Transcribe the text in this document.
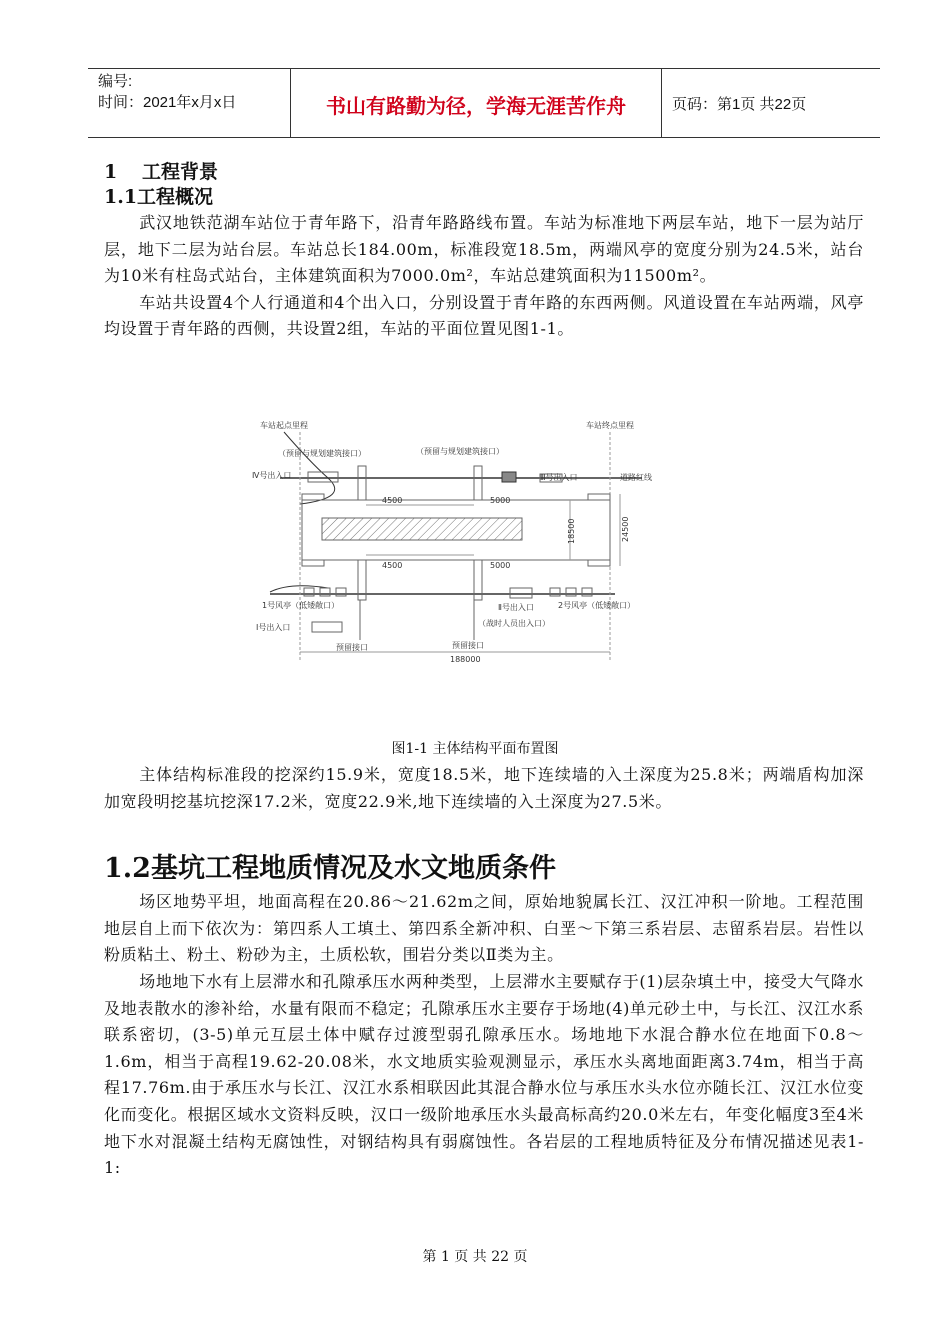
编号:
时间：2021年x月x日	书山有路勤为径，学海无涯苦作舟	页码：第1页 共22页
1 工程背景
1.1工程概况

武汉地铁范湖车站位于青年路下，沿青年路路线布置。车站为标准地下两层车站，地下一层为站厅层，地下二层为站台层。车站总长184.00m，标准段宽18.5m，两端风亭的宽度分别为24.5米，站台为10米有柱岛式站台，主体建筑面积为7000.0m²，车站总建筑面积为11500m²。

车站共设置4个人行通道和4个出入口，分别设置于青年路的东西两侧。风道设置在车站两端，风亭均设置于青年路的西侧，共设置2组，车站的平面位置见图1-1。

车站起点里程	车站终点里程
（预留与规划建筑接口）	（预留与规划建筑接口）
Ⅳ号出入口	Ⅲ号出入口	道路红线
4500	5000
4500	5000
18500	24500
1号风亭（低矮敞口）	Ⅱ号出入口	2号风亭（低矮敞口）
Ⅰ号出入口	（战时人员出入口）
预留接口	预留接口
188000
图1-1 主体结构平面布置图

主体结构标准段的挖深约15.9米，宽度18.5米，地下连续墙的入土深度为25.8米；两端盾构加深加宽段明挖基坑挖深17.2米，宽度22.9米,地下连续墙的入土深度为27.5米。

1.2基坑工程地质情况及水文地质条件

场区地势平坦，地面高程在20.86～21.62m之间，原始地貌属长江、汉江冲积一阶地。工程范围地层自上而下依次为：第四系人工填土、第四系全新冲积、白垩～下第三系岩层、志留系岩层。岩性以粉质粘土、粉土、粉砂为主，土质松软，围岩分类以Ⅱ类为主。

场地地下水有上层滞水和孔隙承压水两种类型，上层滞水主要赋存于(1)层杂填土中，接受大气降水及地表散水的渗补给，水量有限而不稳定；孔隙承压水主要存于场地(4)单元砂土中，与长江、汉江水系联系密切，(3-5)单元互层土体中赋存过渡型弱孔隙承压水。场地地下水混合静水位在地面下0.8～1.6m，相当于高程19.62-20.08米，水文地质实验观测显示，承压水头离地面距离3.74m，相当于高程17.76m.由于承压水与长江、汉江水系相联因此其混合静水位与承压水头水位亦随长江、汉江水位变化而变化。根据区域水文资料反映，汉口一级阶地承压水头最高标高约20.0米左右，年变化幅度3至4米地下水对混凝土结构无腐蚀性，对钢结构具有弱腐蚀性。各岩层的工程地质特征及分布情况描述见表1-1:

第 1 页 共 22 页
